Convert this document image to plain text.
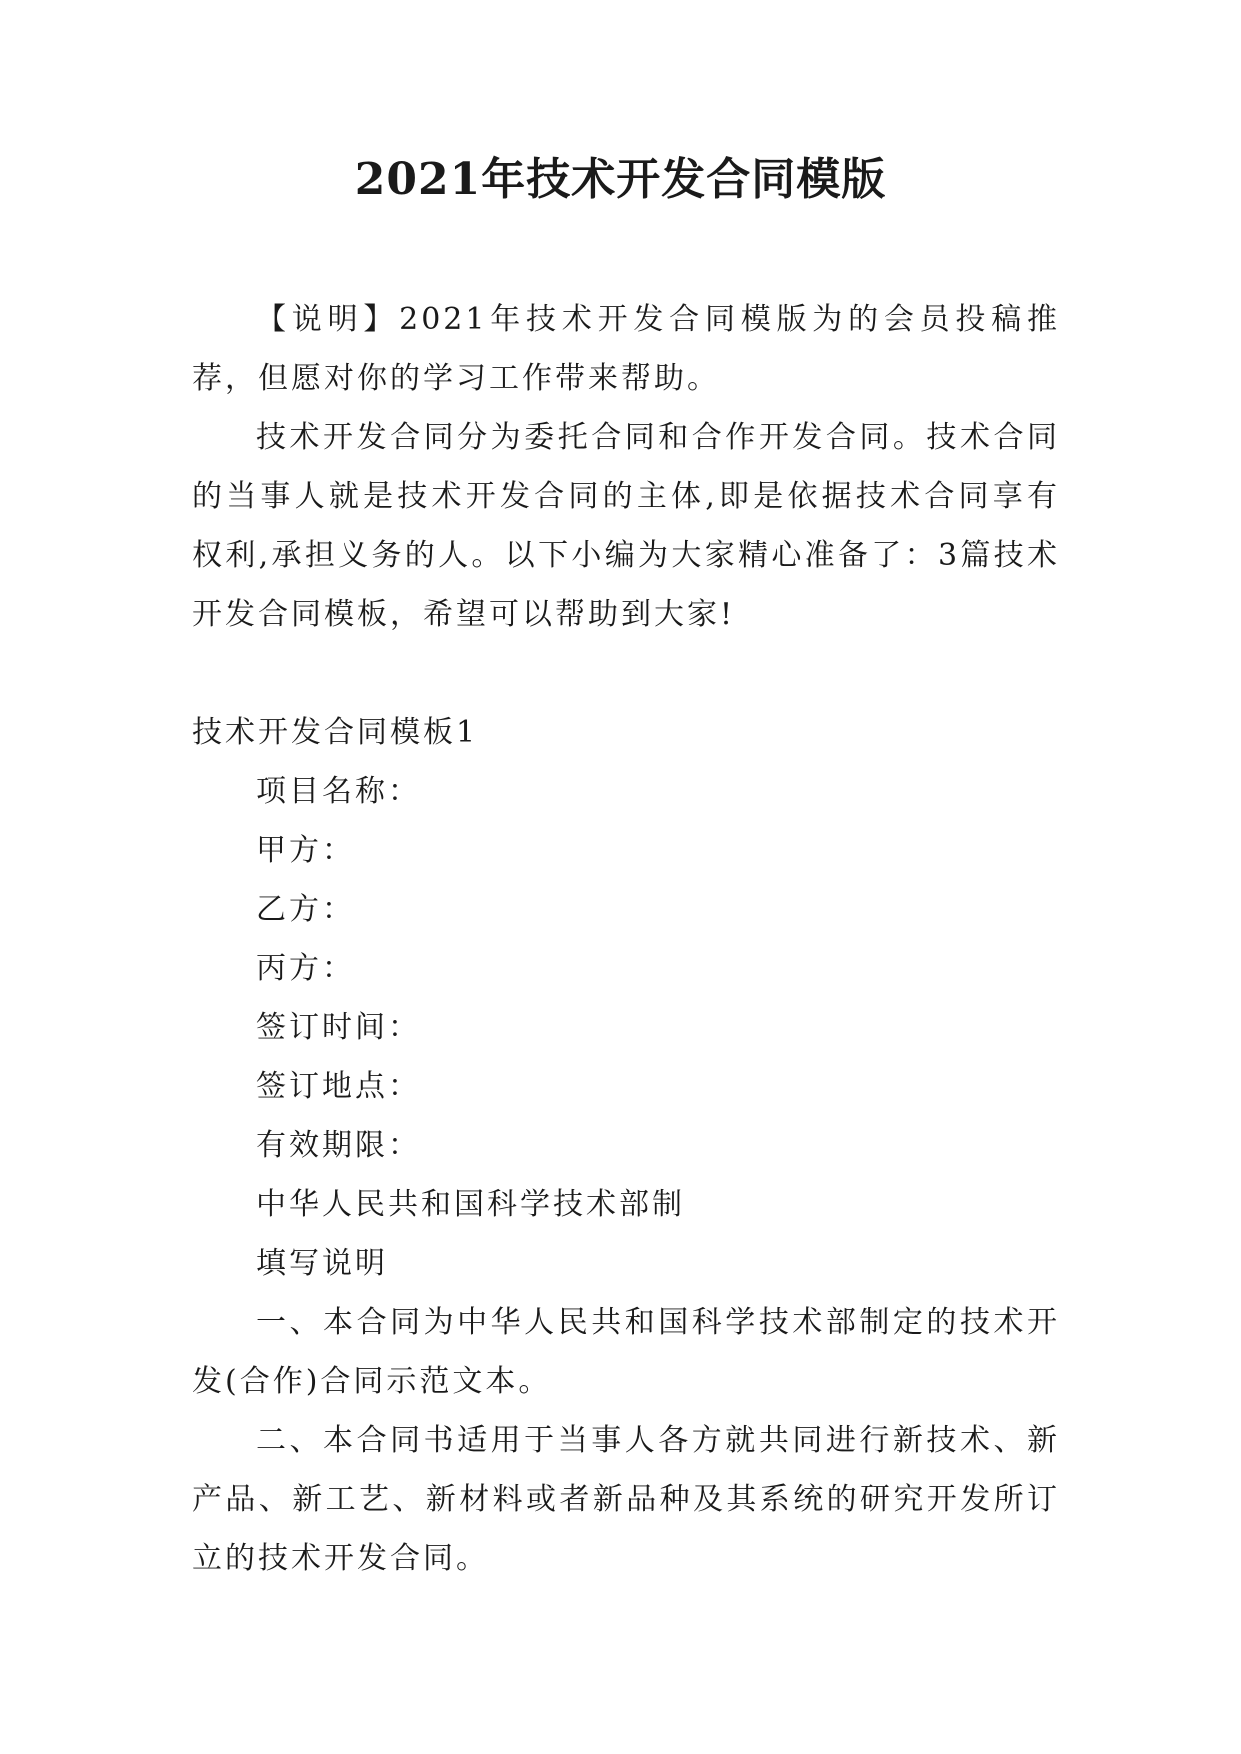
2021年技术开发合同模版

【说明】2021年技术开发合同模版为的会员投稿推荐，但愿对你的学习工作带来帮助。

技术开发合同分为委托合同和合作开发合同。技术合同的当事人就是技术开发合同的主体,即是依据技术合同享有权利,承担义务的人。以下小编为大家精心准备了：3篇技术开发合同模板，希望可以帮助到大家!

技术开发合同模板1

项目名称：

甲方：

乙方：

丙方：

签订时间：

签订地点：

有效期限：

中华人民共和国科学技术部制

填写说明

一、本合同为中华人民共和国科学技术部制定的技术开发(合作)合同示范文本。

二、本合同书适用于当事人各方就共同进行新技术、新产品、新工艺、新材料或者新品种及其系统的研究开发所订立的技术开发合同。
